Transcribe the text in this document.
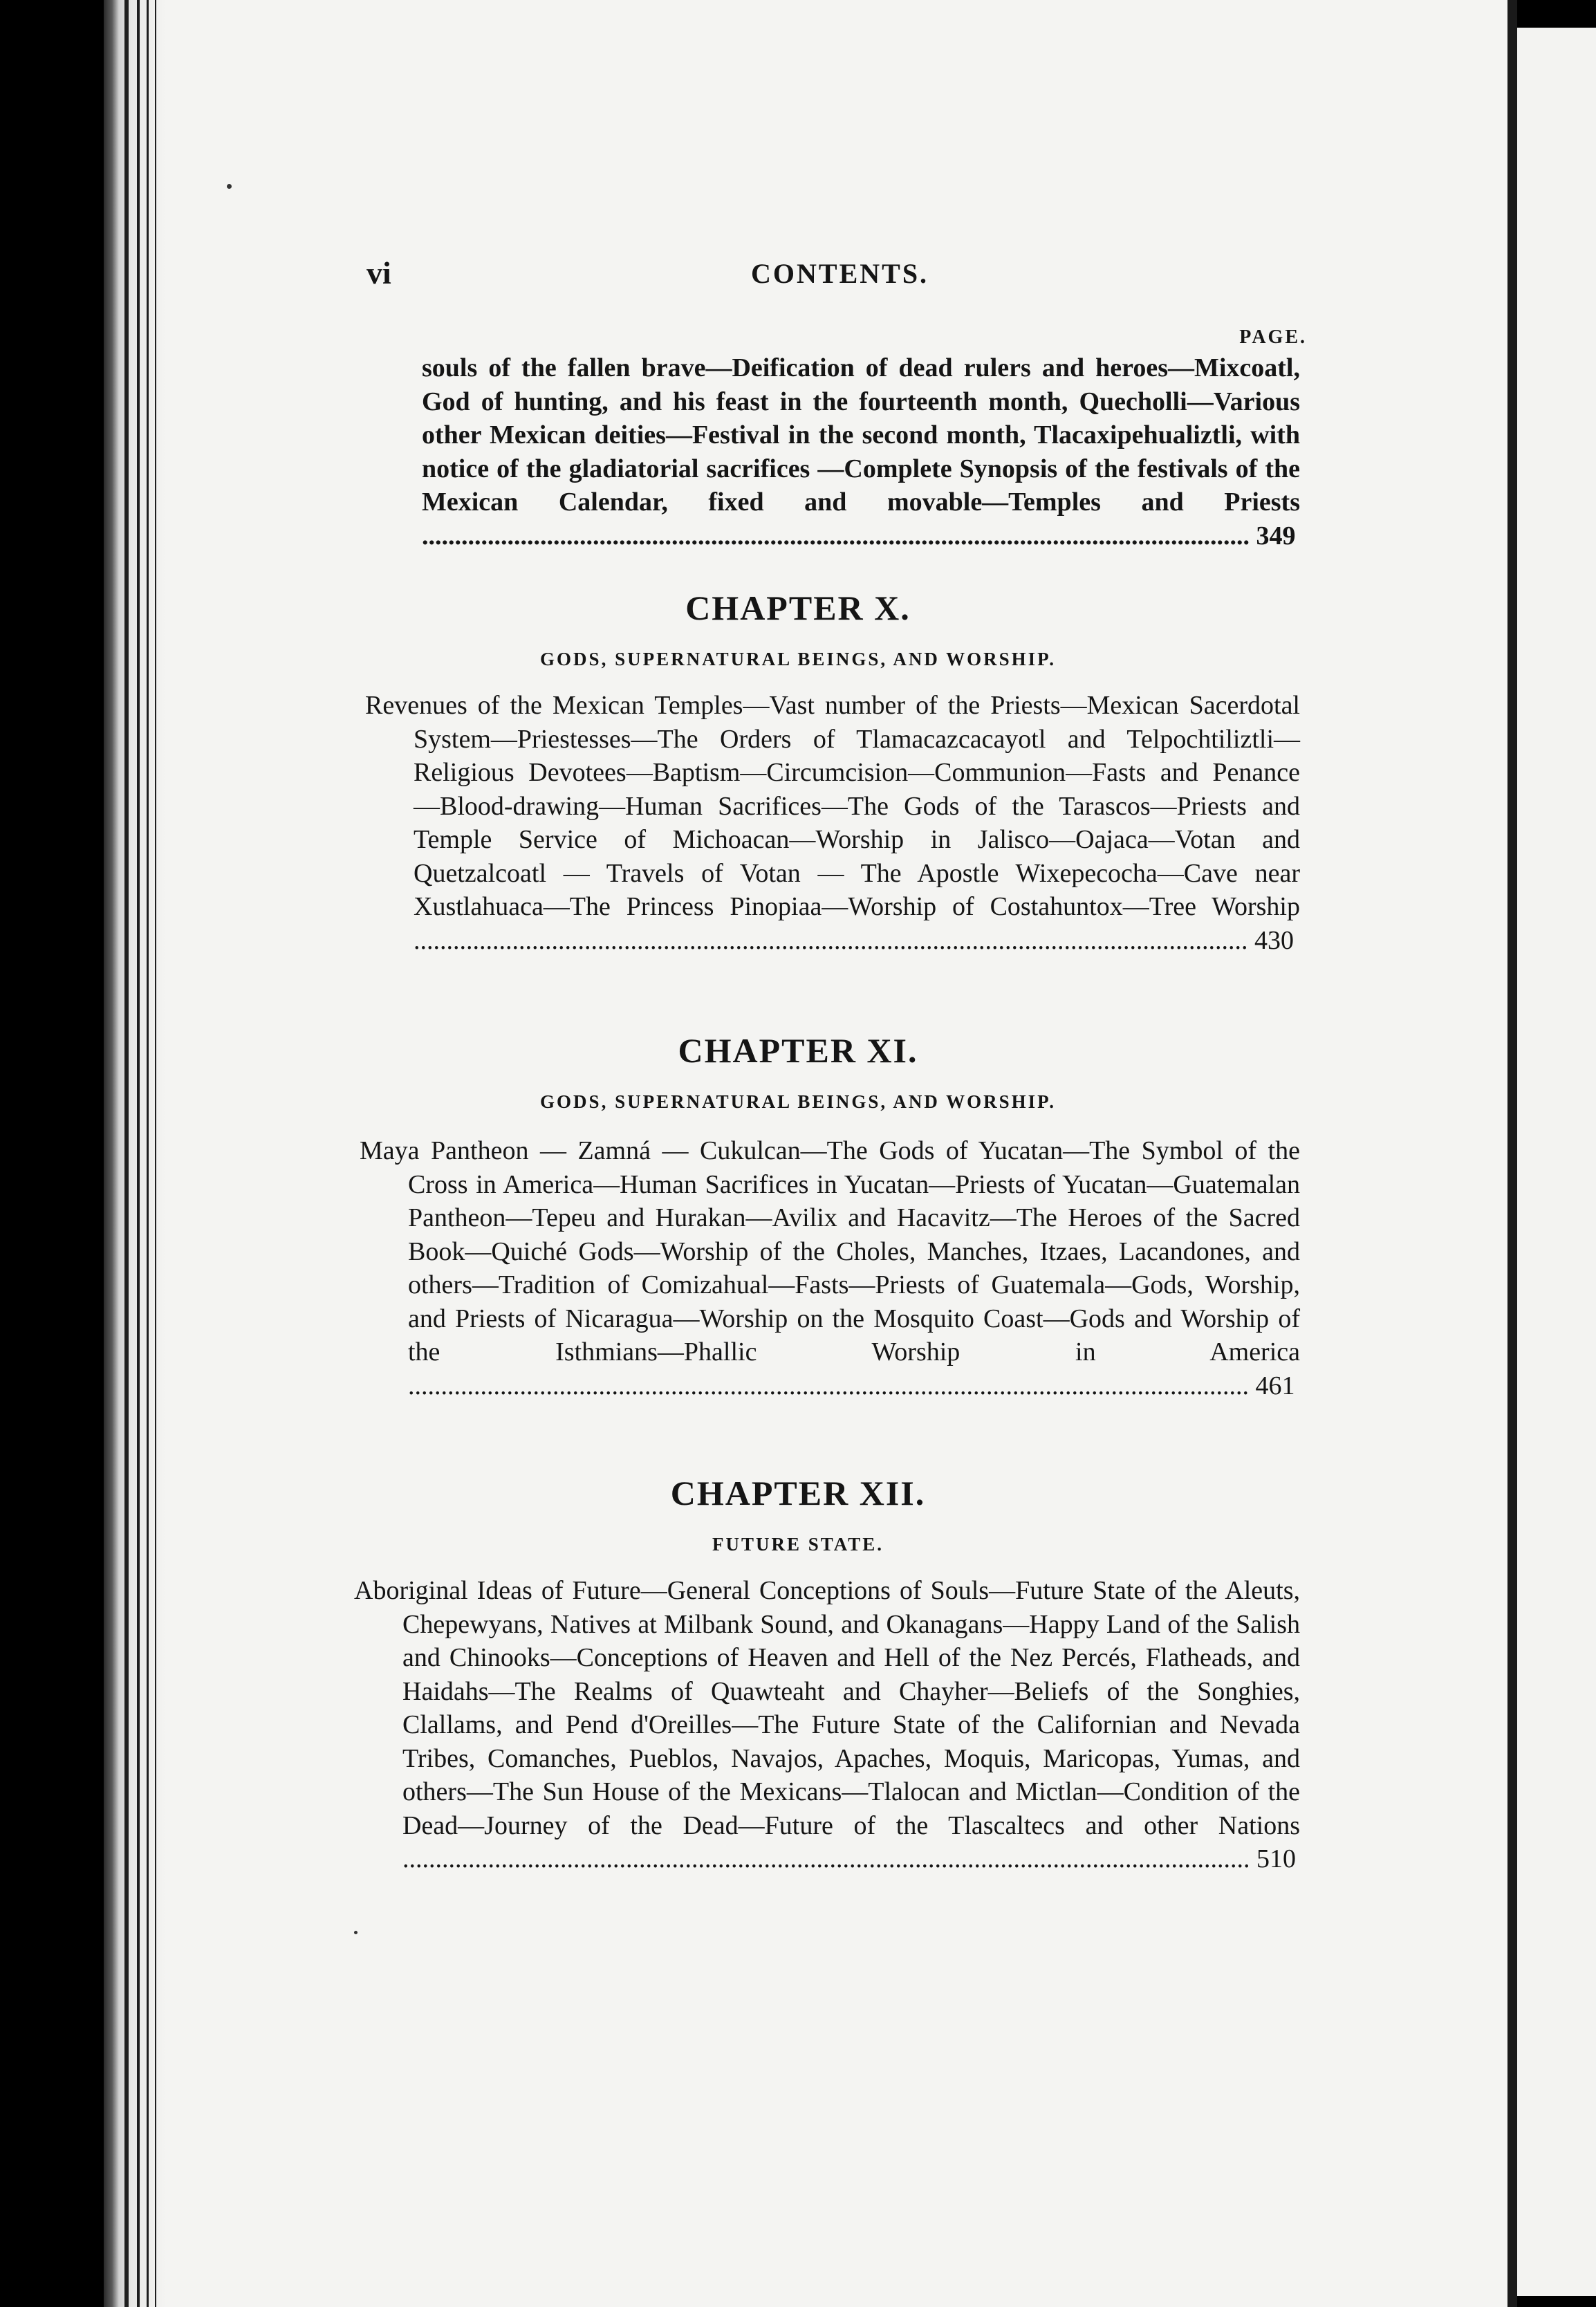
vi	CONTENTS.
PAGE.
souls of the fallen brave—Deification of dead rulers and heroes—Mixcoatl, God of hunting, and his feast in the fourteenth month, Quecholli—Various other Mexican deities—Festival in the second month, Tlacaxipehualiztli, with notice of the gladiatorial sacrifices —Complete Synopsis of the festivals of the Mexican Calendar, fixed and movable—Temples and Priests .............................................................................................................................. 349
CHAPTER X.
GODS, SUPERNATURAL BEINGS, AND WORSHIP.
Revenues of the Mexican Temples—Vast number of the Priests—Mexican Sacerdotal System—Priestesses—The Orders of Tlamacazcacayotl and Telpochtiliztli—Religious Devotees—Baptism—Circumcision—Communion—Fasts and Penance—Blood-drawing—Human Sacrifices—The Gods of the Tarascos—Priests and Temple Service of Michoacan—Worship in Jalisco—Oajaca—Votan and Quetzalcoatl — Travels of Votan — The Apostle Wixepecocha—Cave near Xustlahuaca—The Princess Pinopiaa—Worship of Costahuntox—Tree Worship ............................................................................................................................... 430
CHAPTER XI.
GODS, SUPERNATURAL BEINGS, AND WORSHIP.
Maya Pantheon — Zamná — Cukulcan—The Gods of Yucatan—The Symbol of the Cross in America—Human Sacrifices in Yucatan—Priests of Yucatan—Guatemalan Pantheon—Tepeu and Hurakan—Avilix and Hacavitz—The Heroes of the Sacred Book—Quiché Gods—Worship of the Choles, Manches, Itzaes, Lacandones, and others—Tradition of Comizahual—Fasts—Priests of Guatemala—Gods, Worship, and Priests of Nicaragua—Worship on the Mosquito Coast—Gods and Worship of the Isthmians—Phallic Worship in America ................................................................................................................................ 461
CHAPTER XII.
FUTURE STATE.
Aboriginal Ideas of Future—General Conceptions of Souls—Future State of the Aleuts, Chepewyans, Natives at Milbank Sound, and Okanagans—Happy Land of the Salish and Chinooks—Conceptions of Heaven and Hell of the Nez Percés, Flatheads, and Haidahs—The Realms of Quawteaht and Chayher—Beliefs of the Songhies, Clallams, and Pend d'Oreilles—The Future State of the Californian and Nevada Tribes, Comanches, Pueblos, Navajos, Apaches, Moquis, Maricopas, Yumas, and others—The Sun House of the Mexicans—Tlalocan and Mictlan—Condition of the Dead—Journey of the Dead—Future of the Tlascaltecs and other Nations ................................................................................................................................. 510
